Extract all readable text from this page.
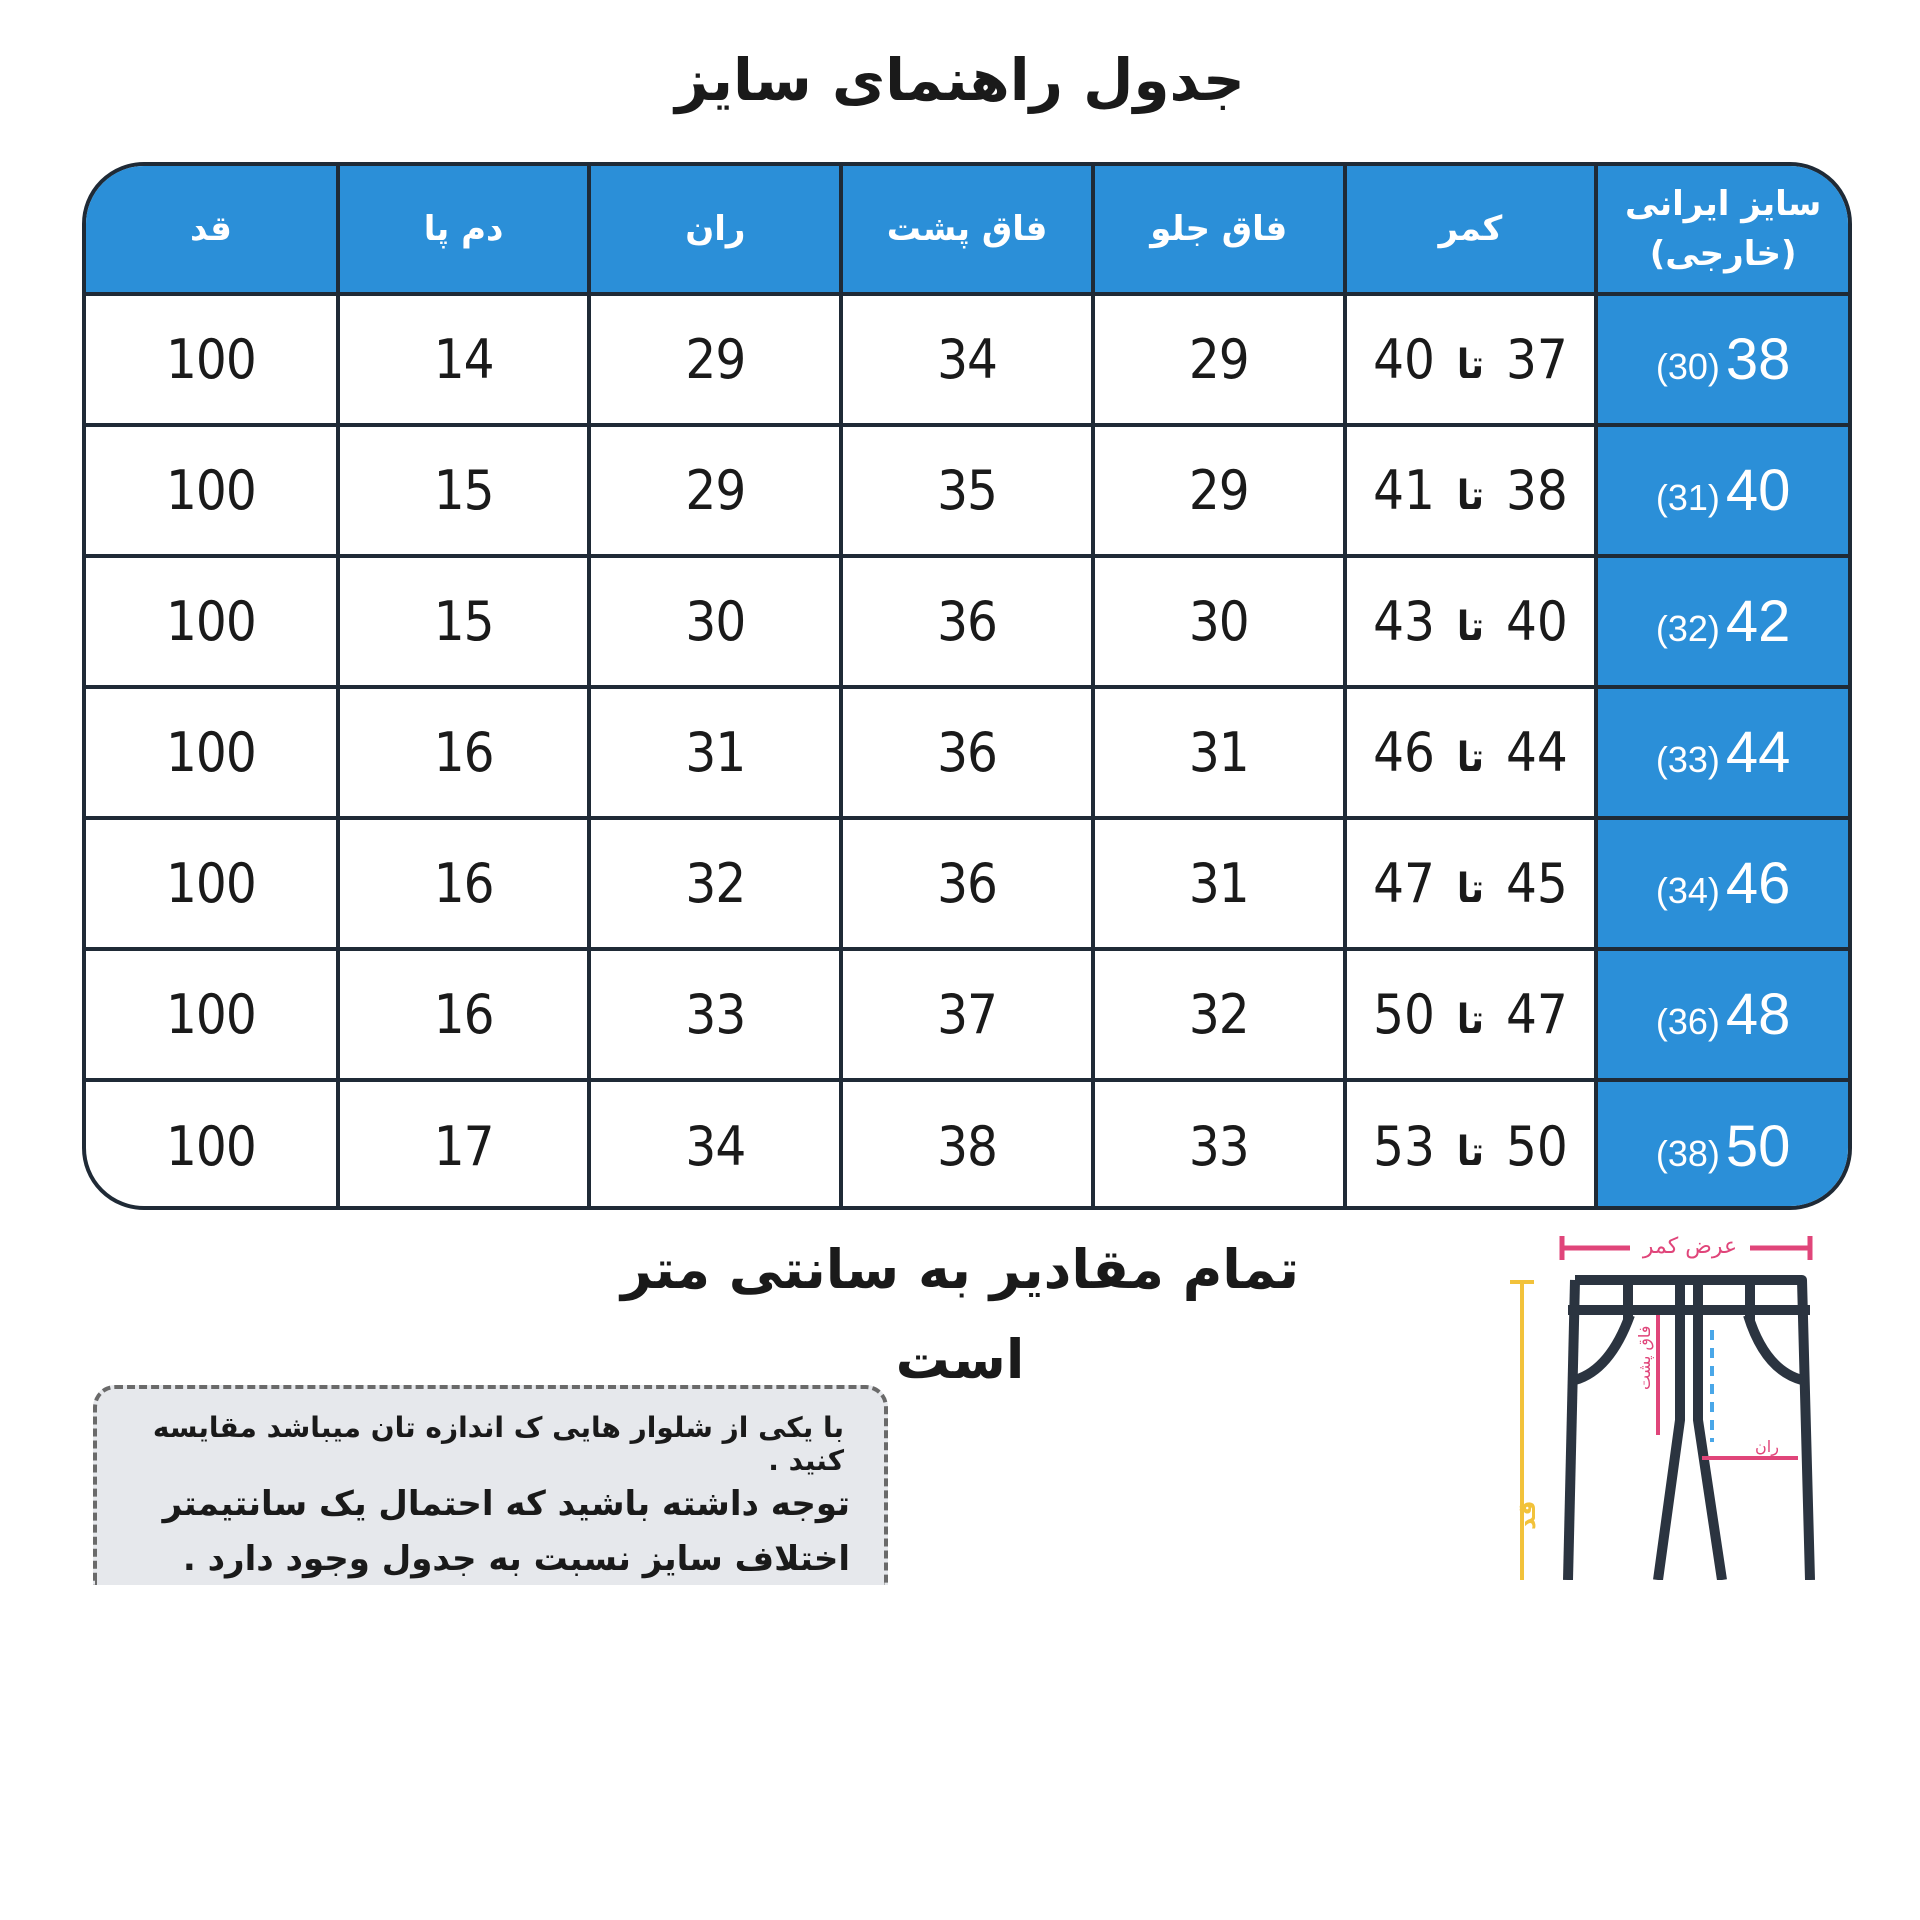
جدول راهنمای سایز
سایز ایرانی
(خارجی)	کمر	فاق جلو	فاق پشت	ران	دم پا	قد
38(30)	37تا40	29	34	29	14	100
40(31)	38تا41	29	35	29	15	100
42(32)	40تا43	30	36	30	15	100
44(33)	44تا46	31	36	31	16	100
46(34)	45تا47	31	36	32	16	100
48(36)	47تا50	32	37	33	16	100
50(38)	50تا53	33	38	34	17	100
تمام مقادیر به سانتی متر است
با یکی از شلوار هایی ک اندازه تان میباشد مقایسه کنید .
توجه داشته باشید که احتمال یک سانتیمتر
اختلاف سایز نسبت به جدول وجود دارد .
عرض کمر
قد
فاق پشت
ران
